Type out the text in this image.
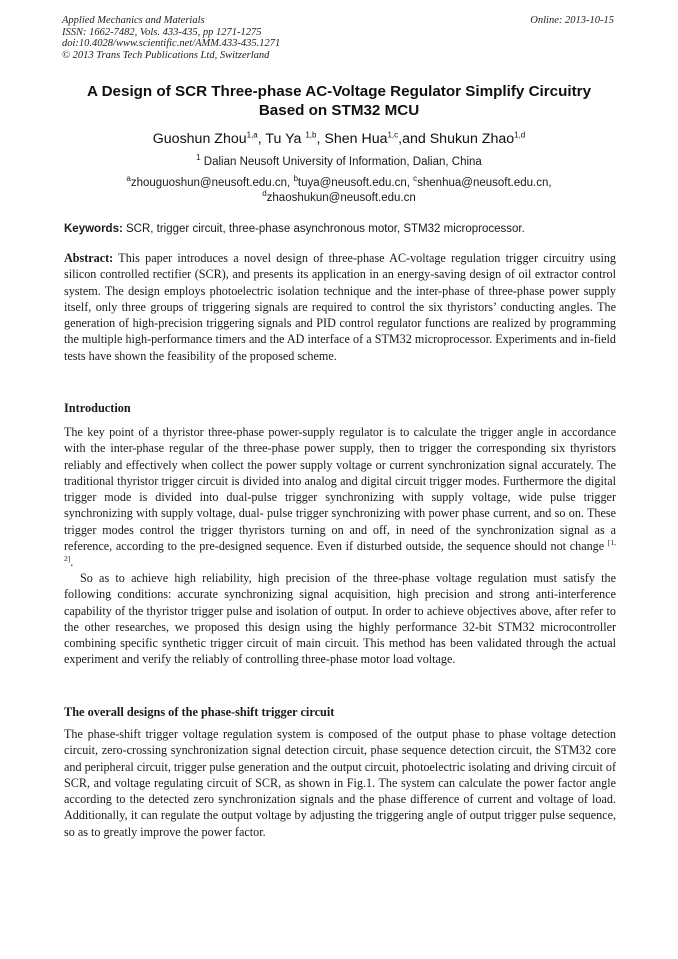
Applied Mechanics and Materials
ISSN: 1662-7482, Vols. 433-435, pp 1271-1275
doi:10.4028/www.scientific.net/AMM.433-435.1271
© 2013 Trans Tech Publications Ltd, Switzerland
Online: 2013-10-15
A Design of SCR Three-phase AC-Voltage Regulator Simplify Circuitry
Based on STM32 MCU
Guoshun Zhou$^{1,a}$, Tu Ya $^{1,b}$, Shen Hua$^{1,c}$,and Shukun Zhao$^{1,d}$
$^1$ Dalian Neusoft University of Information, Dalian, China
$^a$zhouguoshun@neusoft.edu.cn, $^b$tuya@neusoft.edu.cn, $^c$shenhua@neusoft.edu.cn,
$^d$zhaoshukun@neusoft.edu.cn
Keywords: SCR, trigger circuit, three-phase asynchronous motor, STM32 microprocessor.
Abstract: This paper introduces a novel design of three-phase AC-voltage regulation trigger circuitry using silicon controlled rectifier (SCR), and presents its application in an energy-saving design of oil extractor control system. The design employs photoelectric isolation technique and the inter-phase of three-phase power supply itself, only three groups of triggering signals are required to control the six thyristors’ conducting angles. The generation of high-precision triggering signals and PID control regulator functions are realized by programming the multiple high-performance timers and the AD interface of a STM32 microprocessor. Experiments and in-field tests have shown the feasibility of the proposed scheme.
Introduction
The key point of a thyristor three-phase power-supply regulator is to calculate the trigger angle in accordance with the inter-phase regular of the three-phase power supply, then to trigger the corresponding six thyristors reliably and effectively when collect the power supply voltage or current synchronization signal accurately. The traditional thyristor trigger circuit is divided into analog and digital circuit trigger modes. Furthermore the digital trigger mode is divided into dual-pulse trigger synchronizing with supply voltage, wide pulse trigger synchronizing with supply voltage, dual- pulse trigger synchronizing with power phase current, and so on. These trigger modes control the trigger thyristors turning on and off, in need of the synchronization signal as a reference, according to the pre-designed sequence. Even if disturbed outside, the sequence should not change [1, 2].
So as to achieve high reliability, high precision of the three-phase voltage regulation must satisfy the following conditions: accurate synchronizing signal acquisition, high precision and strong anti-interference capability of the thyristor trigger pulse and isolation of output. In order to achieve objectives above, after refer to the other researches, we proposed this design using the highly performance 32-bit STM32 microcontroller combining specific synthetic trigger circuit of main circuit. This method has been validated through the actual experiment and verify the reliably of controlling three-phase motor load voltage.
The overall designs of the phase-shift trigger circuit
The phase-shift trigger voltage regulation system is composed of the output phase to phase voltage detection circuit, zero-crossing synchronization signal detection circuit, phase sequence detection circuit, the STM32 core and peripheral circuit, trigger pulse generation and the output circuit, photoelectric isolating and driving circuit of SCR, and voltage regulating circuit of SCR, as shown in Fig.1. The system can calculate the power factor angle according to the detected zero synchronization signals and the phase difference of current and voltage of load. Additionally, it can regulate the output voltage by adjusting the triggering angle of output trigger pulse sequence, so as to greatly improve the power factor.
